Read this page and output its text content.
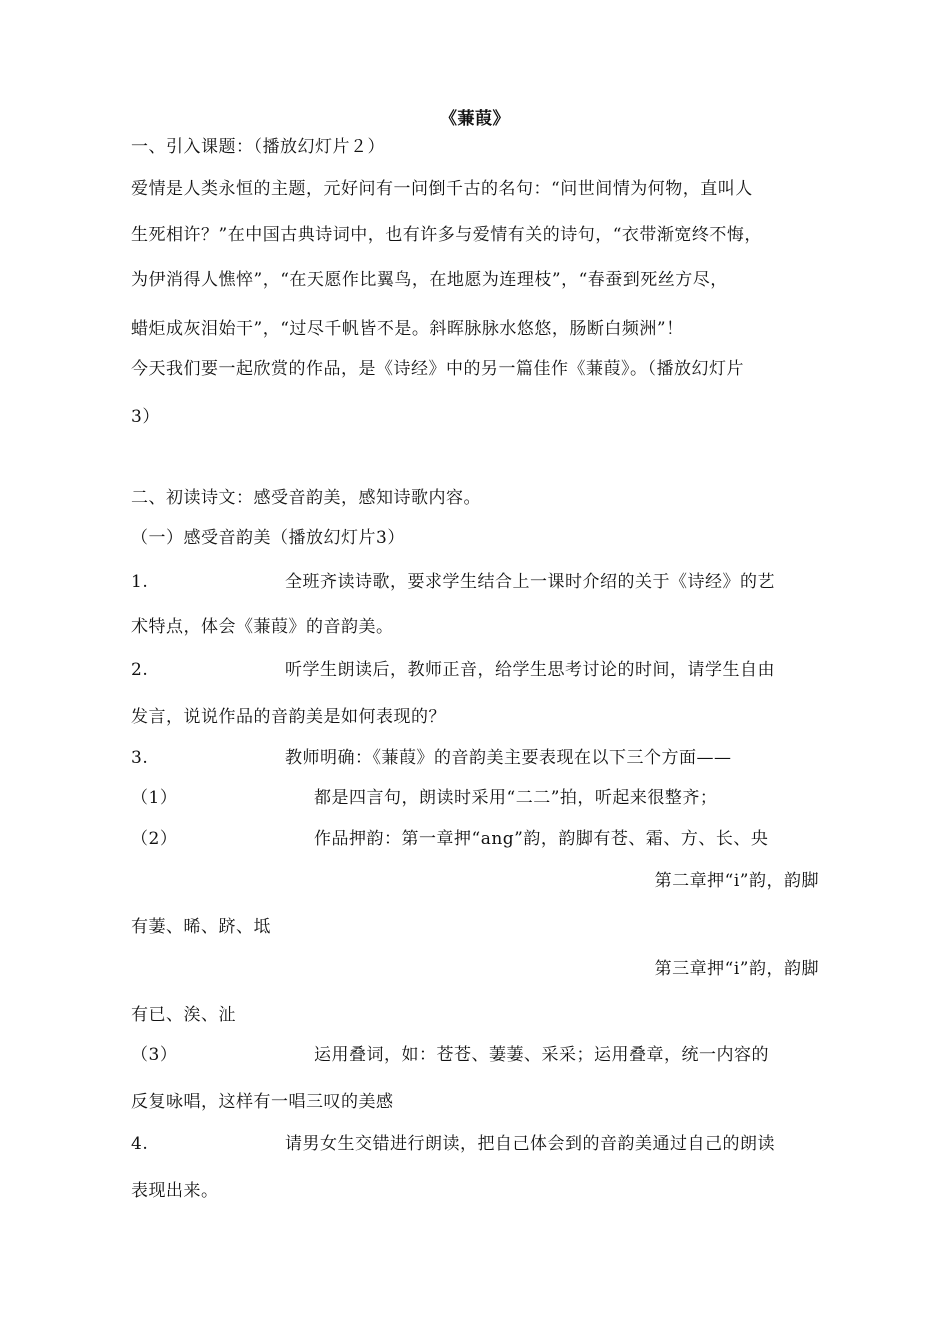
《蒹葭》
一、引入课题：（播放幻灯片２）
爱情是人类永恒的主题，元好问有一问倒千古的名句：“问世间情为何物，直叫人
生死相许？”在中国古典诗词中，也有许多与爱情有关的诗句，“衣带渐宽终不悔，
为伊消得人憔悴”，“在天愿作比翼鸟，在地愿为连理枝”，“春蚕到死丝方尽，
蜡炬成灰泪始干”，“过尽千帆皆不是。斜晖脉脉水悠悠，肠断白频洲”！
今天我们要一起欣赏的作品，是《诗经》中的另一篇佳作《蒹葭》。（播放幻灯片
3）
二、初读诗文：感受音韵美，感知诗歌内容。
（一）感受音韵美（播放幻灯片3）
1.	全班齐读诗歌，要求学生结合上一课时介绍的关于《诗经》的艺
术特点，体会《蒹葭》的音韵美。
2.	听学生朗读后，教师正音，给学生思考讨论的时间，请学生自由
发言，说说作品的音韵美是如何表现的？
3.	教师明确：《蒹葭》的音韵美主要表现在以下三个方面——
（1）	都是四言句，朗读时采用“二二”拍，听起来很整齐；
（2）	作品押韵：第一章押“ang”韵，韵脚有苍、霜、方、长、央
第二章押“i”韵，韵脚
有萋、晞、跻、坻
第三章押“i”韵，韵脚
有已、涘、沚
（3）	运用叠词，如：苍苍、萋萋、采采；运用叠章，统一内容的
反复咏唱，这样有一唱三叹的美感
4.	请男女生交错进行朗读，把自己体会到的音韵美通过自己的朗读
表现出来。
